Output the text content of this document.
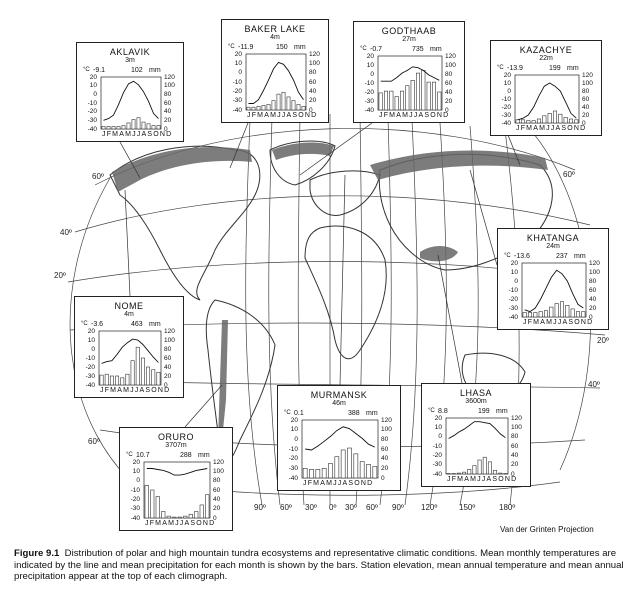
60º
40º
20º
60º
20º
40º
60º
90º 60º 30º 0º 30º 60º 90º 120º	150º	180º
AKLAVIK
3m
°C -9.1	102 mm
20
10
0
-10
-20
-30
-40
120
100
80
60
40
20
0
JFMAMJJASOND
BAKER LAKE
4m
°C -11.9	150 mm
20
10
0
-10
-20
-30
-40
120
100
80
60
40
20
0
JFMAMJJASOND
GODTHAAB
27m
°C -0.7	735 mm
20
10
0
-10
-20
-30
-40
120
100
80
60
40
20
0
JFMAMJJASOND
KAZACHYE
22m
°C -13.9	199 mm
20
10
0
-10
-20
-30
-40
120
100
80
60
40
20
0
JFMAMJJASOND
KHATANGA
24m
°C -13.6	237 mm
20
10
0
-10
-20
-30
-40
120
100
80
60
40
20
0
JFMAMJJASOND
NOME
4m
°C -3.6	463 mm
20
10
0
-10
-20
-30
-40
120
100
80
60
40
20
0
JFMAMJJASOND	MURMANSK
46m
°C 0.1	388 mm
20
10
0
-10
-20
-30
-40
120
100
80
60
40
20
0
JFMAMJJASOND
LHASA
3600m
°C 8.8	199 mm
20
10
0
-10
-20
-30
-40
120
100
80
60
40
20
0
JFMAMJJASOND
ORURO
3707m
°C 10.7	288 mm
20
10
0
-10
-20
-30
-40
120
100
80
60
40
20
0
JFMAMJJASOND
Van der Grinten Projection
Figure 9.1 Distribution of polar and high mountain tundra ecosystems and representative climatic conditions. Mean monthly temperatures are indicated by the line and mean precipitation for each month is shown by the bars. Station elevation, mean annual temperature and mean annual precipitation appear at the top of each climograph.
